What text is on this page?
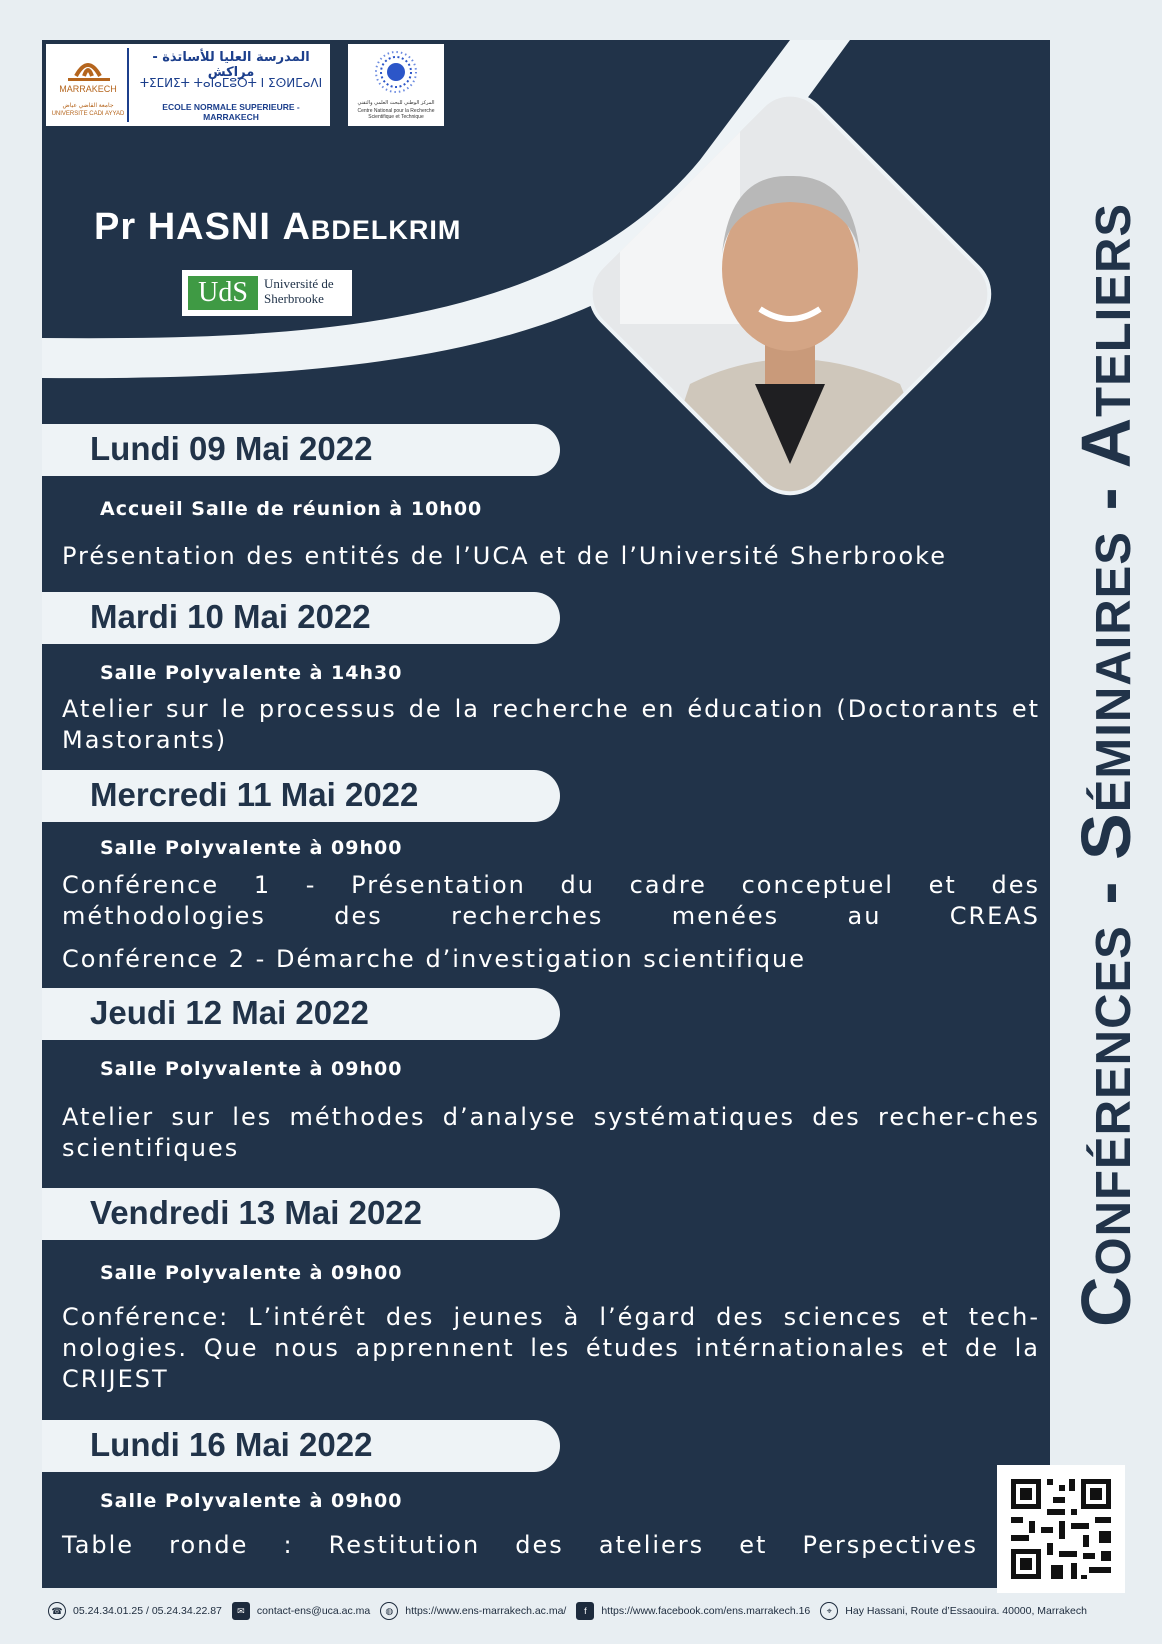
MARRAKECH
جامعة القاضي عياض UNIVERSITE CADI AYYAD
المدرسة العليا للأساتذة - مراكش
ⵜⵉⵎⵍⵉⵜ ⵜⴰⵏⴰⵎⵓⵔⵜ ⵏ ⵉⵙⵍⵎⴰⴷⵏ
ECOLE NORMALE SUPERIEURE - MARRAKECH
المركز الوطني للبحث العلمي والتقني
Centre National pour la Recherche Scientifique et Technique
Conférences - Séminaires - Ateliers
Pr HASNI Abdelkrim
UdS	Université de Sherbrooke
Lundi 09 Mai 2022
Accueil Salle de réunion à 10h00
Présentation des entités de l’UCA et de l’Université Sherbrooke
Mardi 10 Mai 2022
Salle Polyvalente à 14h30
Atelier sur le processus de la recherche en éducation (Doctorants et Mastorants)
Mercredi 11 Mai 2022
Salle Polyvalente à 09h00
Conférence 1 - Présentation du cadre conceptuel et des méthodologies des recherches menées au CREAS
Conférence 2 - Démarche d’investigation scientifique
Jeudi 12 Mai 2022
Salle Polyvalente à 09h00
Atelier sur les méthodes d’analyse systématiques des recher-ches scientifiques
Vendredi 13 Mai 2022
Salle Polyvalente à 09h00
Conférence: L’intérêt des jeunes à l’égard des sciences et tech-nologies. Que nous apprennent les études intérnationales et de la CRIJEST
Lundi 16 Mai 2022
Salle Polyvalente à 09h00
Table ronde : Restitution des ateliers et Perspectives
☎ 05.24.34.01.25 / 05.24.34.22.87	✉	contact-ens@uca.ac.ma	◍	https://www.ens-marrakech.ac.ma/	f	https://www.facebook.com/ens.marrakech.16	⌖	Hay Hassani, Route d’Essaouira. 40000, Marrakech
